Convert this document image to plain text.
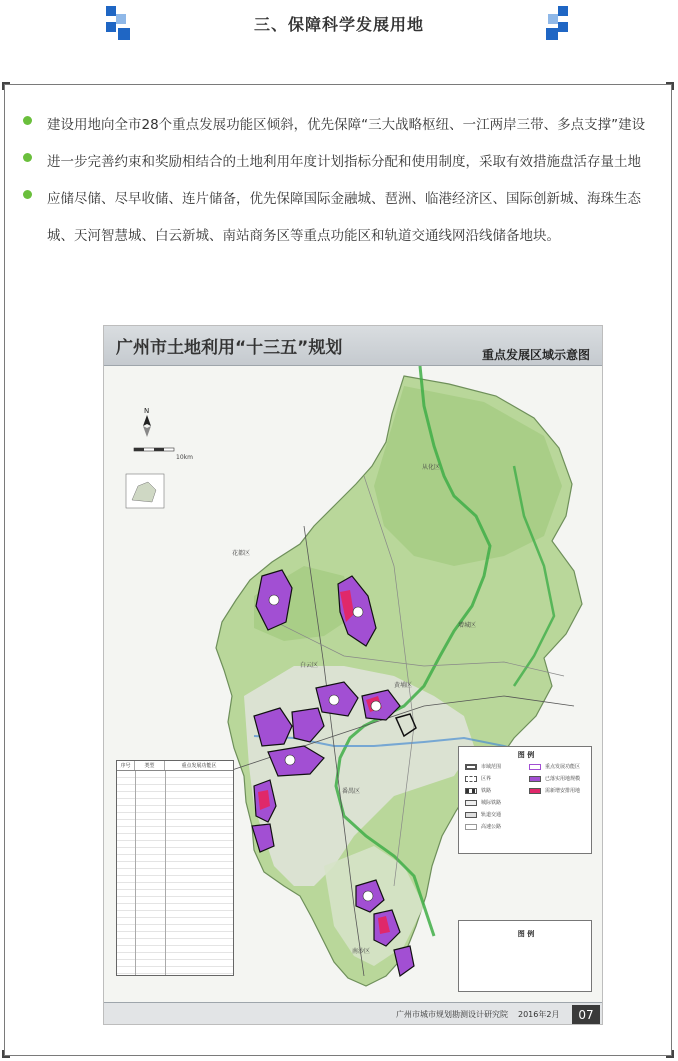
三、保障科学发展用地

建设用地向全市28个重点发展功能区倾斜，优先保障“三大战略枢纽、一江两岸三带、多点支撑”建设

进一步完善约束和奖励相结合的土地利用年度计划指标分配和使用制度，采取有效措施盘活存量土地

应储尽储、尽早收储、连片储备，优先保障国际金融城、琶洲、临港经济区、国际创新城、海珠生态城、天河智慧城、白云新城、南站商务区等重点功能区和轨道交通线网沿线储备地块。

广州市土地利用“十三五”规划	重点发展区域示意图
N
10km
从化区
花都区
增城区
白云区
黄埔区
番禺区
南沙区
序号	类型	重点发展功能区
图 例
市域范围
区界
铁路
城际铁路
轨道交通
高速公路
重点发展功能区
已落实用地规模
需新增安排用地
图 例
广州市城市规划勘测设计研究院 2016年2月	07
